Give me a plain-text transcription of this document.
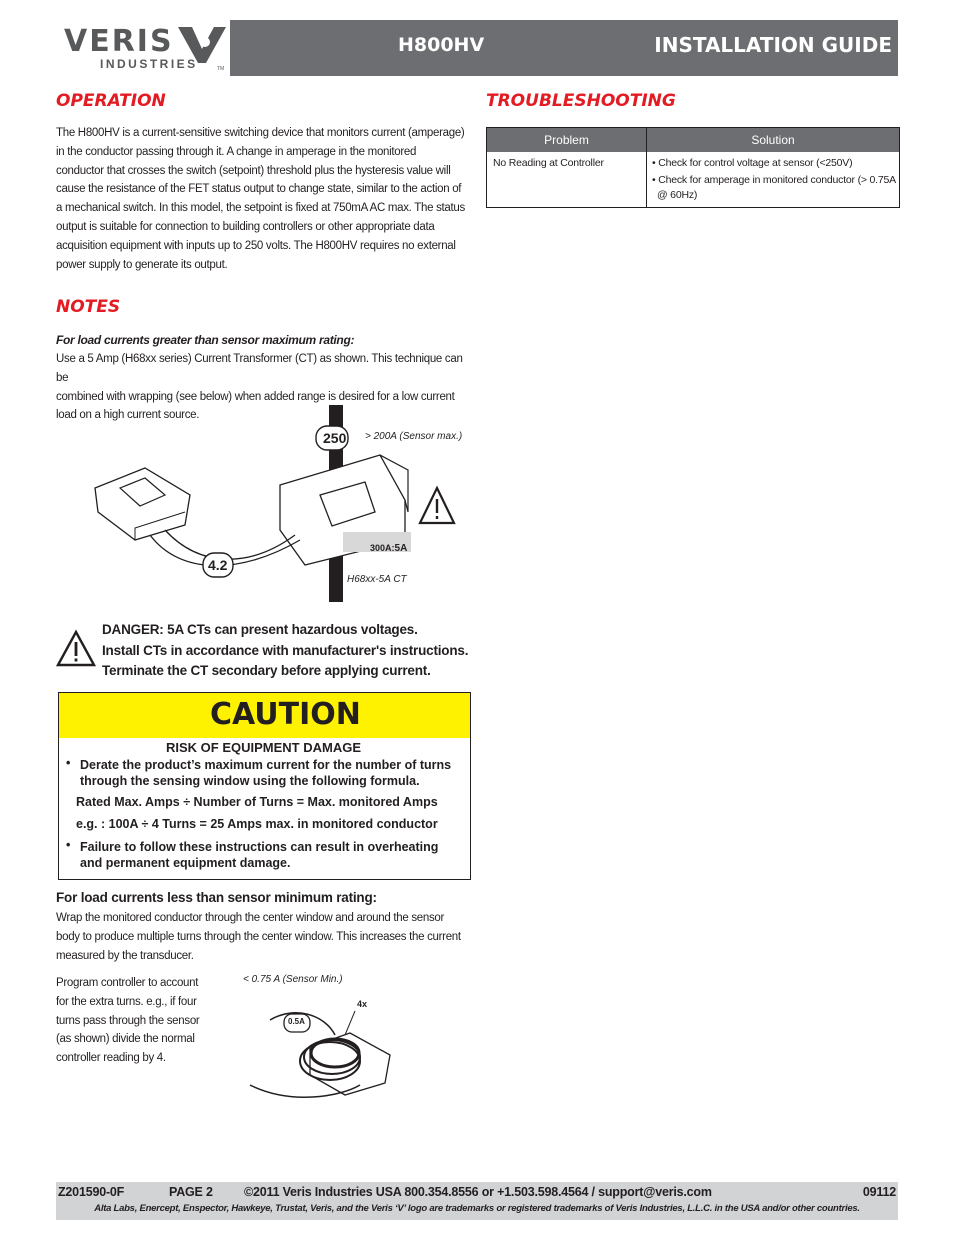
VERIS
INDUSTRIES	TM
H800HV	INSTALLATION GUIDE
OPERATION
The H800HV is a current-sensitive switching device that monitors current (amperage)
in the conductor passing through it. A change in amperage in the monitored
conductor that crosses the switch (setpoint) threshold plus the hysteresis value will
cause the resistance of the FET status output to change state, similar to the action of
a mechanical switch. In this model, the setpoint is fixed at 750mA AC max. The status
output is suitable for connection to building controllers or other appropriate data
acquisition equipment with inputs up to 250 volts. The H800HV requires no external
power supply to generate its output.
NOTES
For load currents greater than sensor maximum rating:
Use a 5 Amp (H68xx series) Current Transformer (CT) as shown. This technique can be
combined with wrapping (see below) when added range is desired for a low current
load on a high current source.
250 > 200A (Sensor max.)
4.2
300A:5A
H68xx-5A CT
DANGER: 5A CTs can present hazardous voltages.
Install CTs in accordance with manufacturer's instructions.
Terminate the CT secondary before applying current.
CAUTION
RISK OF EQUIPMENT DAMAGE
• Derate the product’s maximum current for the number of turns
through the sensing window using the following formula.
Rated Max. Amps ÷ Number of Turns = Max. monitored Amps
e.g. : 100A ÷ 4 Turns = 25 Amps max. in monitored conductor
• Failure to follow these instructions can result in overheating
and permanent equipment damage.
For load currents less than sensor minimum rating:
Wrap the monitored conductor through the center window and around the sensor
body to produce multiple turns through the center window. This increases the current
measured by the transducer.
Program controller to account
for the extra turns. e.g., if four
turns pass through the sensor
(as shown) divide the normal
controller reading by 4.
< 0.75 A (Sensor Min.)
0.5A
4x
TROUBLESHOOTING
Problem	Solution
No Reading at Controller	• Check for control voltage at sensor (<250V)
• Check for amperage in monitored conductor (> 0.75A
@ 60Hz)
Z201590-0F	PAGE 2	©2011 Veris Industries USA 800.354.8556 or +1.503.598.4564 / support@veris.com	09112
Alta Labs, Enercept, Enspector, Hawkeye, Trustat, Veris, and the Veris ‘V’ logo are trademarks or registered trademarks of Veris Industries, L.L.C. in the USA and/or other countries.
